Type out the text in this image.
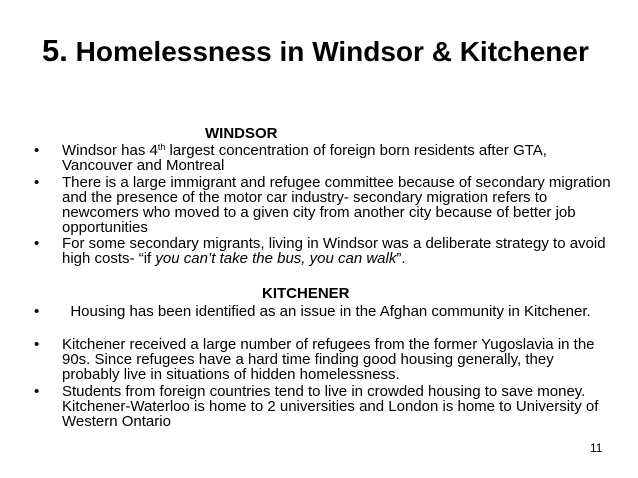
5. Homelessness in Windsor & Kitchener
WINDSOR
• Windsor has 4th largest concentration of foreign born residents after GTA, Vancouver and Montreal
• There is a large immigrant and refugee committee because of secondary migration and the presence of the motor car industry- secondary migration refers to newcomers who moved to a given city from another city because of better job opportunities
• For some secondary migrants, living in Windsor was a deliberate strategy to avoid high costs- “if you can’t take the bus, you can walk”.
KITCHENER
• Housing has been identified as an issue in the Afghan community in Kitchener.
• Kitchener received a large number of refugees from the former Yugoslavia in the 90s. Since refugees have a hard time finding good housing generally, they probably live in situations of hidden homelessness.
• Students from foreign countries tend to live in crowded housing to save money. Kitchener-Waterloo is home to 2 universities and London is home to University of Western Ontario
11
